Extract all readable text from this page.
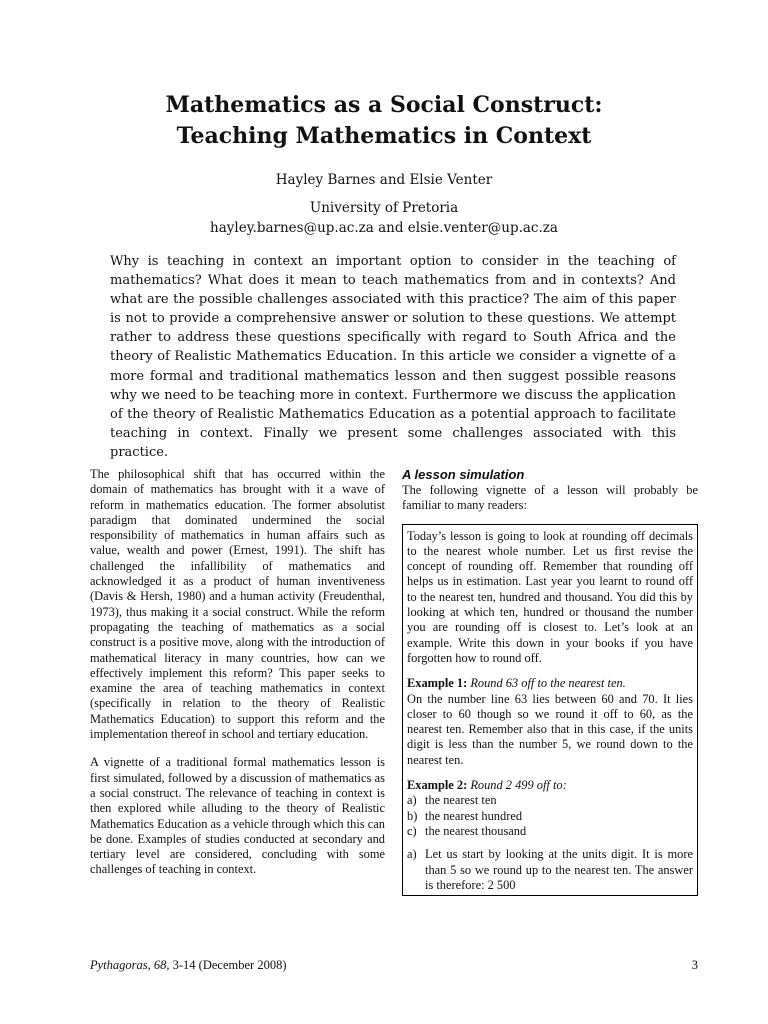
Mathematics as a Social Construct:
Teaching Mathematics in Context
Hayley Barnes and Elsie Venter
University of Pretoria
hayley.barnes@up.ac.za and elsie.venter@up.ac.za
Why is teaching in context an important option to consider in the teaching of mathematics? What does it mean to teach mathematics from and in contexts? And what are the possible challenges associated with this practice? The aim of this paper is not to provide a comprehensive answer or solution to these questions. We attempt rather to address these questions specifically with regard to South Africa and the theory of Realistic Mathematics Education. In this article we consider a vignette of a more formal and traditional mathematics lesson and then suggest possible reasons why we need to be teaching more in context. Furthermore we discuss the application of the theory of Realistic Mathematics Education as a potential approach to facilitate teaching in context. Finally we present some challenges associated with this practice.

The philosophical shift that has occurred within the domain of mathematics has brought with it a wave of reform in mathematics education. The former absolutist paradigm that dominated undermined the social responsibility of mathematics in human affairs such as value, wealth and power (Ernest, 1991). The shift has challenged the infallibility of mathematics and acknowledged it as a product of human inventiveness (Davis & Hersh, 1980) and a human activity (Freudenthal, 1973), thus making it a social construct. While the reform propagating the teaching of mathematics as a social construct is a positive move, along with the introduction of mathematical literacy in many countries, how can we effectively implement this reform? This paper seeks to examine the area of teaching mathematics in context (specifically in relation to the theory of Realistic Mathematics Education) to support this reform and the implementation thereof in school and tertiary education.

A vignette of a traditional formal mathematics lesson is first simulated, followed by a discussion of mathematics as a social construct. The relevance of teaching in context is then explored while alluding to the theory of Realistic Mathematics Education as a vehicle through which this can be done. Examples of studies conducted at secondary and tertiary level are considered, concluding with some challenges of teaching in context.

A lesson simulation
The following vignette of a lesson will probably be familiar to many readers:

Today’s lesson is going to look at rounding off decimals to the nearest whole number. Let us first revise the concept of rounding off. Remember that rounding off helps us in estimation. Last year you learnt to round off to the nearest ten, hundred and thousand. You did this by looking at which ten, hundred or thousand the number you are rounding off is closest to. Let’s look at an example. Write this down in your books if you have forgotten how to round off.

Example 1: Round 63 off to the nearest ten.
On the number line 63 lies between 60 and 70. It lies closer to 60 though so we round it off to 60, as the nearest ten. Remember also that in this case, if the units digit is less than the number 5, we round down to the nearest ten.

Example 2: Round 2 499 off to:
a) the nearest ten
b) the nearest hundred
c) the nearest thousand
a) Let us start by looking at the units digit. It is more than 5 so we round up to the nearest ten. The answer is therefore: 2 500
Pythagoras, 68, 3-14 (December 2008)	3
